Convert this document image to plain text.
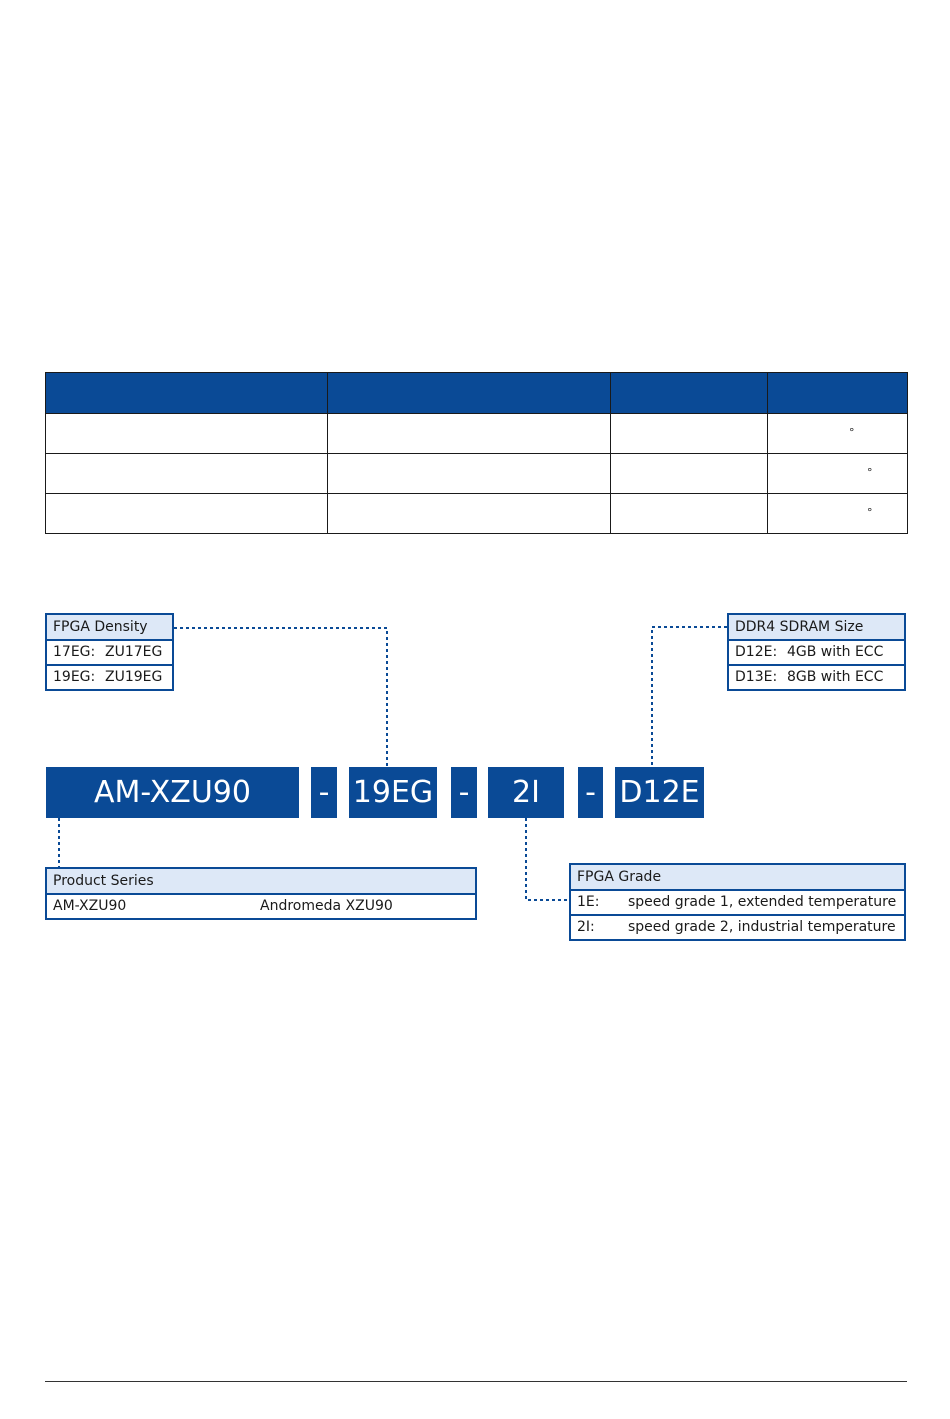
			°

			°

			°
FPGA Density
17EG: ZU17EG
19EG: ZU19EG
DDR4 SDRAM Size
D12E: 4GB with ECC
D13E: 8GB with ECC
AM-XZU90	- 19EG -	2I	- D12E
Product Series
AM-XZU90	Andromeda XZU90
FPGA Grade
1E: speed grade 1, extended temperature
2I: speed grade 2, industrial temperature
